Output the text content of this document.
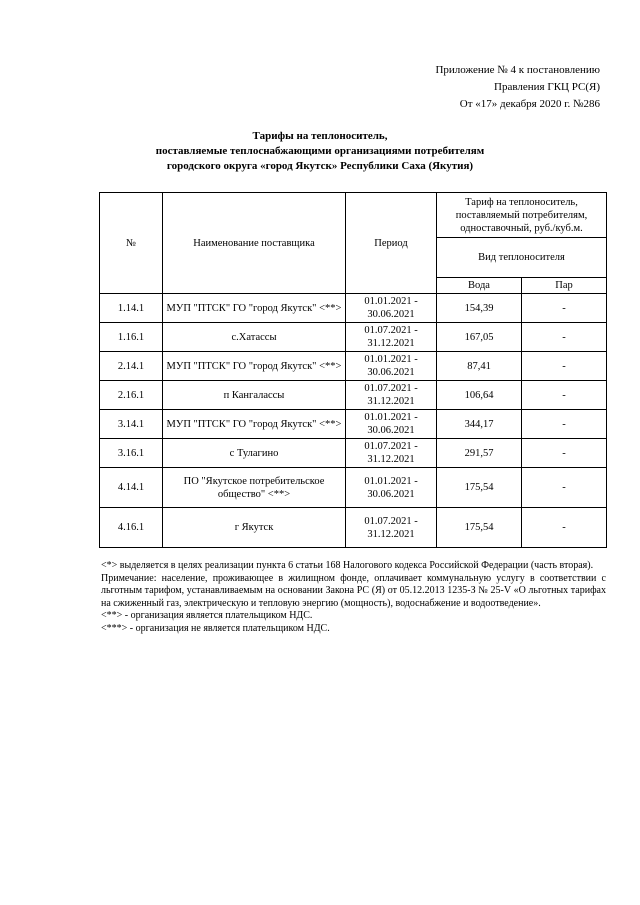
Приложение № 4 к постановлению
Правления ГКЦ РС(Я)
От «17» декабря 2020 г. №286
Тарифы на теплоноситель,
поставляемые теплоснабжающими организациями потребителям
городского округа «город Якутск» Республики Саха (Якутия)
№	Наименование поставщика	Период	Тариф на теплоноситель, поставляемый потребителям, одноставочный, руб./куб.м.	
			Вид теплоносителя	
			Вода	Пар
1.14.1	МУП "ПТСК" ГО "город Якутск" <**>	01.01.2021 - 30.06.2021	154,39	-
1.16.1	с.Хатассы	01.07.2021 - 31.12.2021	167,05	-
2.14.1	МУП "ПТСК" ГО "город Якутск" <**>	01.01.2021 - 30.06.2021	87,41	-
2.16.1	п Кангалассы	01.07.2021 - 31.12.2021	106,64	-
3.14.1	МУП "ПТСК" ГО "город Якутск" <**>	01.01.2021 - 30.06.2021	344,17	-
3.16.1	с Тулагино	01.07.2021 - 31.12.2021	291,57	-
4.14.1	ПО "Якутское потребительское общество" <**>	01.01.2021 - 30.06.2021	175,54	-
4.16.1	г Якутск	01.07.2021 - 31.12.2021	175,54	-

<*> выделяется в целях реализации пункта 6 статьи 168 Налогового кодекса Российской Федерации (часть вторая).

Примечание: население, проживающее в жилищном фонде, оплачивает коммунальную услугу в соответствии с льготным тарифом, устанавливаемым на основании Закона РС (Я) от 05.12.2013 1235-З № 25-V «О льготных тарифах на сжиженный газ, электрическую и тепловую энергию (мощность), водоснабжение и водоотведение».

<**> - организация является плательщиком НДС.

<***> - организация не является плательщиком НДС.
